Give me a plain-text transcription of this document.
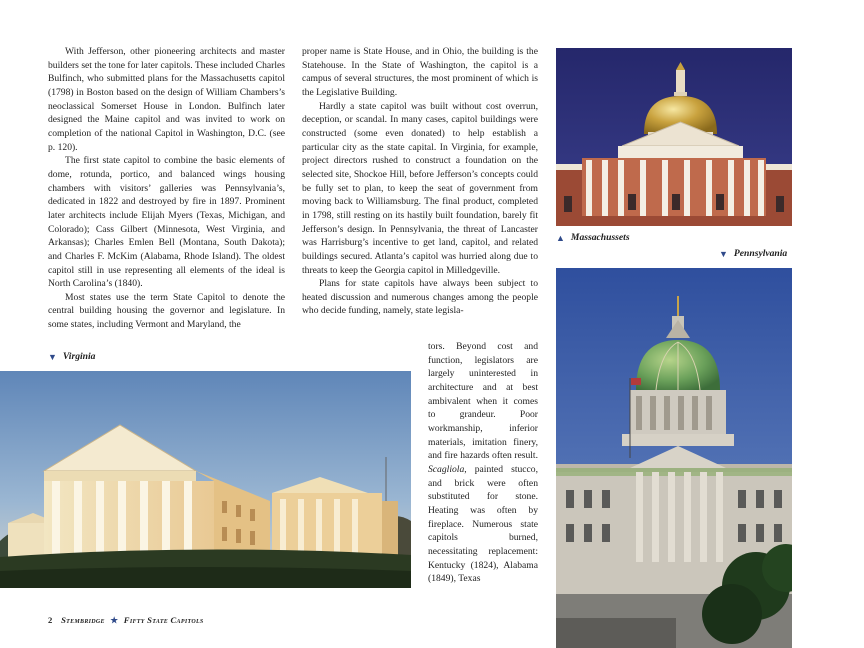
With Jefferson, other pioneering architects and master builders set the tone for later capitols. These included Charles Bulfinch, who submitted plans for the Massachusetts capitol (1798) in Boston based on the design of William Chambers’s neoclassical Somerset House in London. Bulfinch later designed the Maine capitol and was invited to work on completion of the national Capitol in Washington, D.C. (see p. 120).

The first state capitol to combine the basic elements of dome, rotunda, portico, and balanced wings housing chambers with visitors’ galleries was Pennsylvania’s, dedicated in 1822 and destroyed by fire in 1897. Prominent later architects include Elijah Myers (Texas, Michigan, and Colorado); Cass Gilbert (Minnesota, West Virginia, and Arkansas); Charles Emlen Bell (Montana, South Dakota); and Charles F. McKim (Alabama, Rhode Island). The oldest capitol still in use representing all elements of the ideal is North Carolina’s (1840).

Most states use the term State Capitol to denote the central building housing the governor and legislature. In some states, including Vermont and Maryland, the

proper name is State House, and in Ohio, the building is the Statehouse. In the State of Washington, the capitol is a campus of several structures, the most prominent of which is the Legislative Building.

Hardly a state capitol was built without cost overrun, deception, or scandal. In many cases, capitol buildings were constructed (some even donated) to help establish a particular city as the state capital. In Virginia, for example, project directors rushed to construct a foundation on the selected site, Shockoe Hill, before Jefferson’s concepts could be fully set to plan, to keep the seat of government from moving back to Williamsburg. The final product, completed in 1798, still resting on its hastily built foundation, barely fit Jefferson’s design. In Pennsylvania, the threat of Lancaster was Harrisburg’s incentive to get land, capitol, and related buildings secured. Atlanta’s capitol was hurried along due to threats to keep the Georgia capitol in Milledgeville.

Plans for state capitols have always been subject to heated discussion and numerous changes among the people who decide funding, namely, state legisla-

tors. Beyond cost and function, legislators are largely uninterested in architecture and at best ambivalent when it comes to grandeur. Poor workmanship, inferior materials, imitation finery, and fire hazards often result. Scagliola, painted stucco, and brick were often substituted for stone. Heating was often by fireplace. Numerous state capitols burned, necessitating replacement: Kentucky (1824), Alabama (1849), Texas

▼ Virginia
▲ Massachussets
▼ Pennsylvania
2 Stembridge ★ Fifty State Capitols
